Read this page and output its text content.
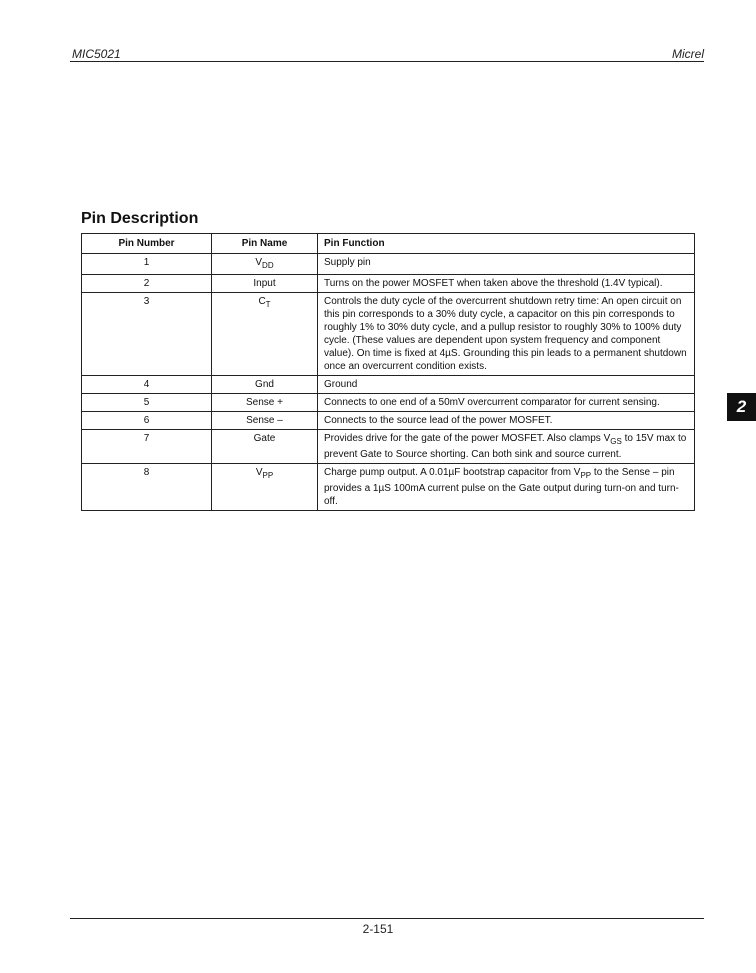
MIC5021	Micrel
Pin Description
Pin Number	Pin Name	Pin Function
1	$V_{DD}$	Supply pin
2	Input	Turns on the power MOSFET when taken above the threshold (1.4V typical).
3	$C_T$	Controls the duty cycle of the overcurrent shutdown retry time: An open circuit on this pin corresponds to a 30% duty cycle, a capacitor on this pin corresponds to roughly 1% to 30% duty cycle, and a pullup resistor to roughly 30% to 100% duty cycle. (These values are dependent upon system frequency and component value). On time is fixed at 4µS. Grounding this pin leads to a permanent shutdown once an overcurrent condition exists.
4	Gnd	Ground
5	Sense +	Connects to one end of a 50mV overcurrent comparator for current sensing.
6	Sense –	Connects to the source lead of the power MOSFET.
7	Gate	Provides drive for the gate of the power MOSFET. Also clamps $V_{GS}$ to 15V max to prevent Gate to Source shorting. Can both sink and source current.
8	$V_{PP}$	Charge pump output. A 0.01µF bootstrap capacitor from $V_{PP}$ to the Sense – pin provides a 1µS 100mA current pulse on the Gate output during turn-on and turn-off.
2
2-151
